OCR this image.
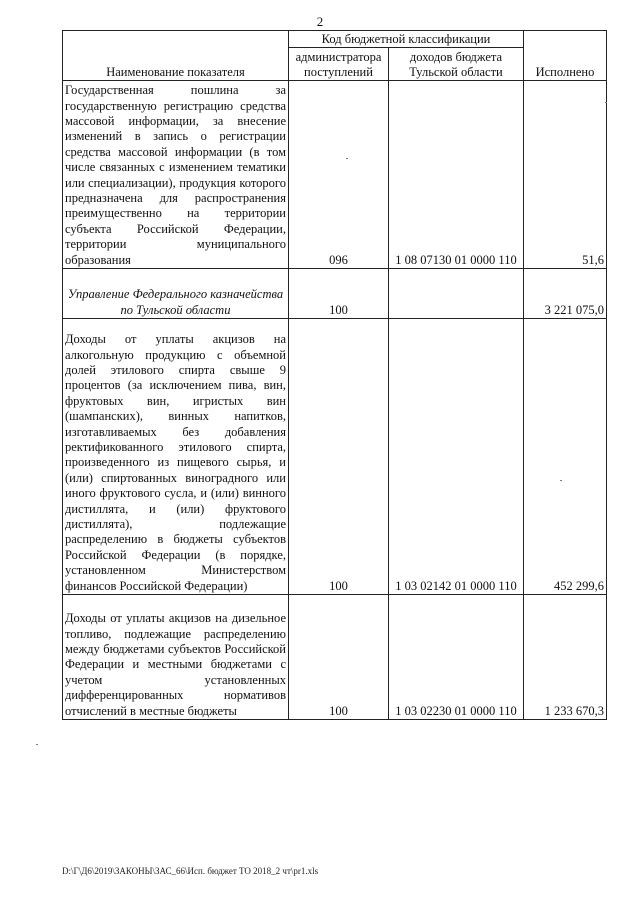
2
Наименование показателя	Код бюджетной классификации		Исполнено
	администратора поступлений	доходов бюджета Тульской области	
Государственная пошлина за государственную регистрацию средства массовой информации, за внесение изменений в запись о регистрации средства массовой информации (в том числе связанных с изменением тематики или специализации), продукция которого предназначена для распространения преимущественно на территории субъекта Российской Федерации, территории муниципального образования	096	1 08 07130 01 0000 110	51,6
Управление Федерального казначейства по Тульской области	100		3 221 075,0
Доходы от уплаты акцизов на алкогольную продукцию с объемной долей этилового спирта свыше 9 процентов (за исключением пива, вин, фруктовых вин, игристых вин (шампанских), винных напитков, изготавливаемых без добавления ректификованного этилового спирта, произведенного из пищевого сырья, и (или) спиртованных виноградного или иного фруктового сусла, и (или) винного дистиллята, и (или) фруктового дистиллята), подлежащие распределению в бюджеты субъектов Российской Федерации (в порядке, установленном Министерством финансов Российской Федерации)	100	1 03 02142 01 0000 110	452 299,6
Доходы от уплаты акцизов на дизельное топливо, подлежащие распределению между бюджетами субъектов Российской Федерации и местными бюджетами с учетом установленных дифференцированных нормативов отчислений в местные бюджеты	100	1 03 02230 01 0000 110	1 233 670,3
D:\Г\Д6\2019\ЗАКОНЫ\ЗАС_66\Исп. бюджет ТО 2018_2 чт\pr1.xls
